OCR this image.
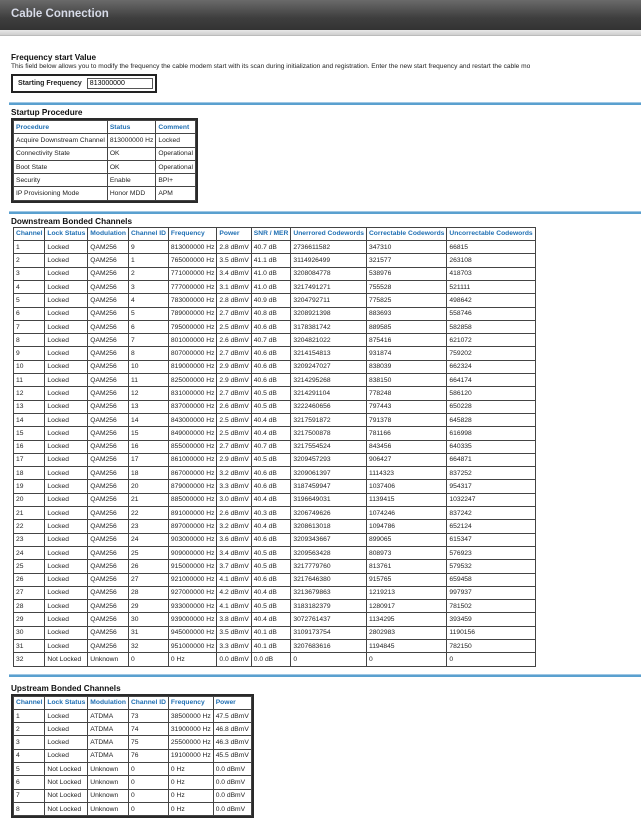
Cable Connection
Frequency start Value
This field below allows you to modify the frequency the cable modem start with its scan during initialization and registration. Enter the new start frequency and restart the cable mo
Starting Frequency
813000000
Startup Procedure
Procedure	Status	Comment
Acquire Downstream Channel	813000000 Hz	Locked
Connectivity State	OK	Operational
Boot State	OK	Operational
Security	Enable	BPI+
IP Provisioning Mode	Honor MDD	APM
Downstream Bonded Channels
Channel	Lock Status	Modulation	Channel ID	Frequency	Power	SNR / MER	Unerrored Codewords	Correctable Codewords	Uncorrectable Codewords
1	Locked	QAM256	9	813000000 Hz	2.8 dBmV	40.7 dB	2736611582	347310	66815
2	Locked	QAM256	1	765000000 Hz	3.5 dBmV	41.1 dB	3114926499	321577	263108
3	Locked	QAM256	2	771000000 Hz	3.4 dBmV	41.0 dB	3208084778	538976	418703
4	Locked	QAM256	3	777000000 Hz	3.1 dBmV	41.0 dB	3217491271	755528	521111
5	Locked	QAM256	4	783000000 Hz	2.8 dBmV	40.9 dB	3204792711	775825	498642
6	Locked	QAM256	5	789000000 Hz	2.7 dBmV	40.8 dB	3208921398	883693	558746
7	Locked	QAM256	6	795000000 Hz	2.5 dBmV	40.6 dB	3178381742	889585	582858
8	Locked	QAM256	7	801000000 Hz	2.6 dBmV	40.7 dB	3204821022	875416	621072
9	Locked	QAM256	8	807000000 Hz	2.7 dBmV	40.6 dB	3214154813	931874	759202
10	Locked	QAM256	10	819000000 Hz	2.9 dBmV	40.6 dB	3209247027	838039	662324
11	Locked	QAM256	11	825000000 Hz	2.9 dBmV	40.6 dB	3214295268	838150	664174
12	Locked	QAM256	12	831000000 Hz	2.7 dBmV	40.5 dB	3214291104	778248	586120
13	Locked	QAM256	13	837000000 Hz	2.6 dBmV	40.5 dB	3222460656	797443	650228
14	Locked	QAM256	14	843000000 Hz	2.5 dBmV	40.4 dB	3217591872	791378	645828
15	Locked	QAM256	15	849000000 Hz	2.5 dBmV	40.4 dB	3217500878	781166	616998
16	Locked	QAM256	16	855000000 Hz	2.7 dBmV	40.7 dB	3217554524	843456	640335
17	Locked	QAM256	17	861000000 Hz	2.9 dBmV	40.5 dB	3209457293	906427	664871
18	Locked	QAM256	18	867000000 Hz	3.2 dBmV	40.6 dB	3209061397	1114323	837252
19	Locked	QAM256	20	879000000 Hz	3.3 dBmV	40.6 dB	3187459947	1037406	954317
20	Locked	QAM256	21	885000000 Hz	3.0 dBmV	40.4 dB	3196649031	1139415	1032247
21	Locked	QAM256	22	891000000 Hz	2.6 dBmV	40.3 dB	3206749626	1074246	837242
22	Locked	QAM256	23	897000000 Hz	3.2 dBmV	40.4 dB	3208613018	1094786	652124
23	Locked	QAM256	24	903000000 Hz	3.6 dBmV	40.6 dB	3209343667	899065	615347
24	Locked	QAM256	25	909000000 Hz	3.4 dBmV	40.5 dB	3209563428	808973	576923
25	Locked	QAM256	26	915000000 Hz	3.7 dBmV	40.5 dB	3217779760	813761	579532
26	Locked	QAM256	27	921000000 Hz	4.1 dBmV	40.6 dB	3217646380	915765	659458
27	Locked	QAM256	28	927000000 Hz	4.2 dBmV	40.4 dB	3213679863	1219213	997937
28	Locked	QAM256	29	933000000 Hz	4.1 dBmV	40.5 dB	3183182379	1280917	781502
29	Locked	QAM256	30	939000000 Hz	3.8 dBmV	40.4 dB	3072761437	1134295	393459
30	Locked	QAM256	31	945000000 Hz	3.5 dBmV	40.1 dB	3109173754	2802983	1190156
31	Locked	QAM256	32	951000000 Hz	3.3 dBmV	40.1 dB	3207683616	1194845	782150
32	Not Locked	Unknown	0	0 Hz	0.0 dBmV	0.0 dB	0	0	0
Upstream Bonded Channels
Channel	Lock Status	Modulation	Channel ID	Frequency	Power
1	Locked	ATDMA	73	38500000 Hz	47.5 dBmV
2	Locked	ATDMA	74	31900000 Hz	46.8 dBmV
3	Locked	ATDMA	75	25500000 Hz	46.3 dBmV
4	Locked	ATDMA	76	19100000 Hz	45.5 dBmV
5	Not Locked	Unknown	0	0 Hz	0.0 dBmV
6	Not Locked	Unknown	0	0 Hz	0.0 dBmV
7	Not Locked	Unknown	0	0 Hz	0.0 dBmV
8	Not Locked	Unknown	0	0 Hz	0.0 dBmV
